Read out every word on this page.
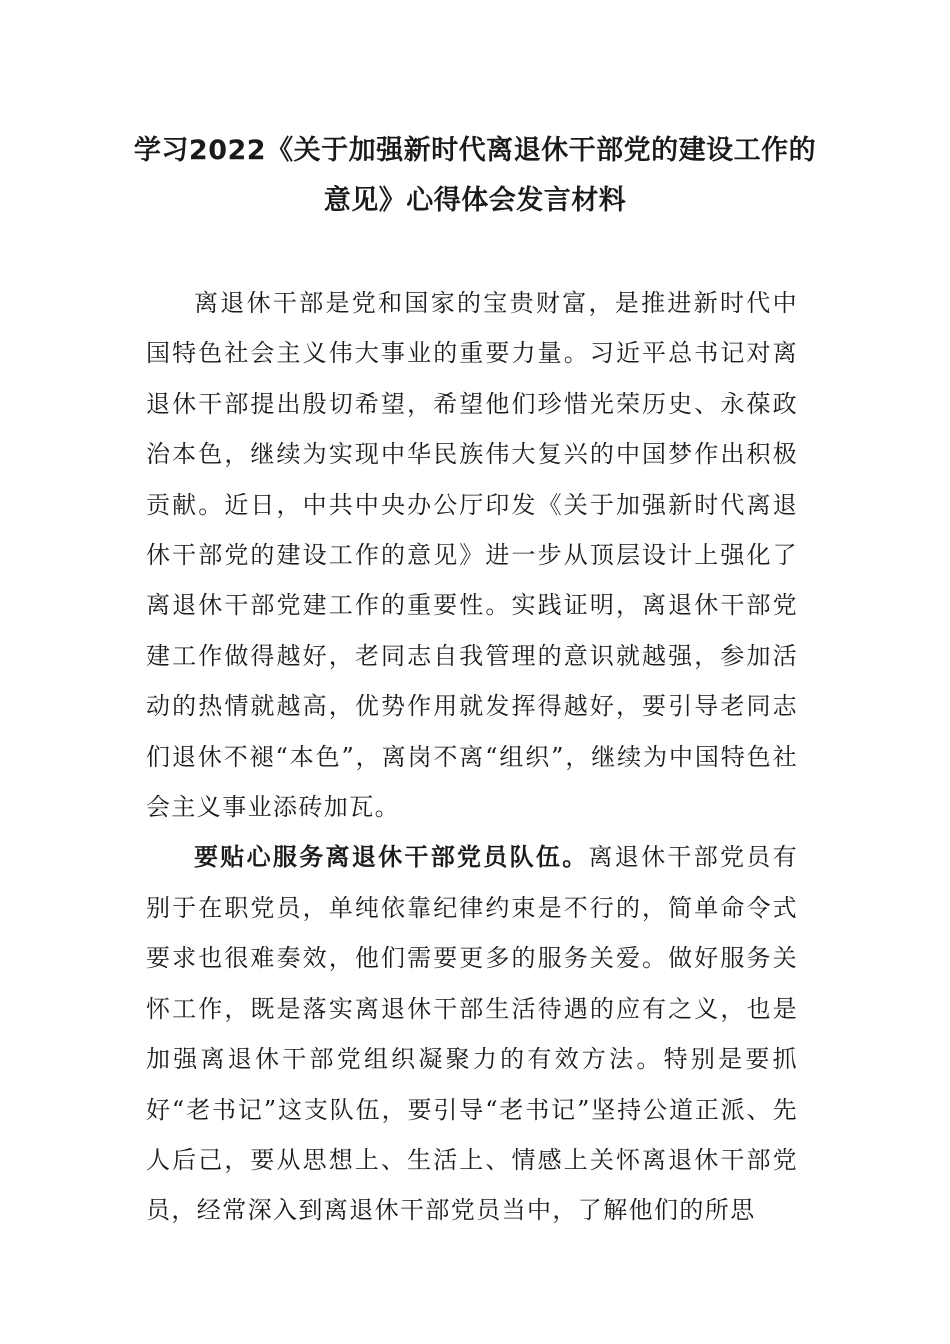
学习2022《关于加强新时代离退休干部党的建设工作的意见》心得体会发言材料

离退休干部是党和国家的宝贵财富，是推进新时代中国特色社会主义伟大事业的重要力量。习近平总书记对离退休干部提出殷切希望，希望他们珍惜光荣历史、永葆政治本色，继续为实现中华民族伟大复兴的中国梦作出积极贡献。近日，中共中央办公厅印发《关于加强新时代离退休干部党的建设工作的意见》进一步从顶层设计上强化了离退休干部党建工作的重要性。实践证明，离退休干部党建工作做得越好，老同志自我管理的意识就越强，参加活动的热情就越高，优势作用就发挥得越好，要引导老同志们退休不褪“本色”，离岗不离“组织”，继续为中国特色社会主义事业添砖加瓦。

要贴心服务离退休干部党员队伍。离退休干部党员有别于在职党员，单纯依靠纪律约束是不行的，简单命令式要求也很难奏效，他们需要更多的服务关爱。做好服务关怀工作，既是落实离退休干部生活待遇的应有之义，也是加强离退休干部党组织凝聚力的有效方法。特别是要抓好“老书记”这支队伍，要引导“老书记”坚持公道正派、先人后己，要从思想上、生活上、情感上关怀离退休干部党员，经常深入到离退休干部党员当中，了解他们的所思
